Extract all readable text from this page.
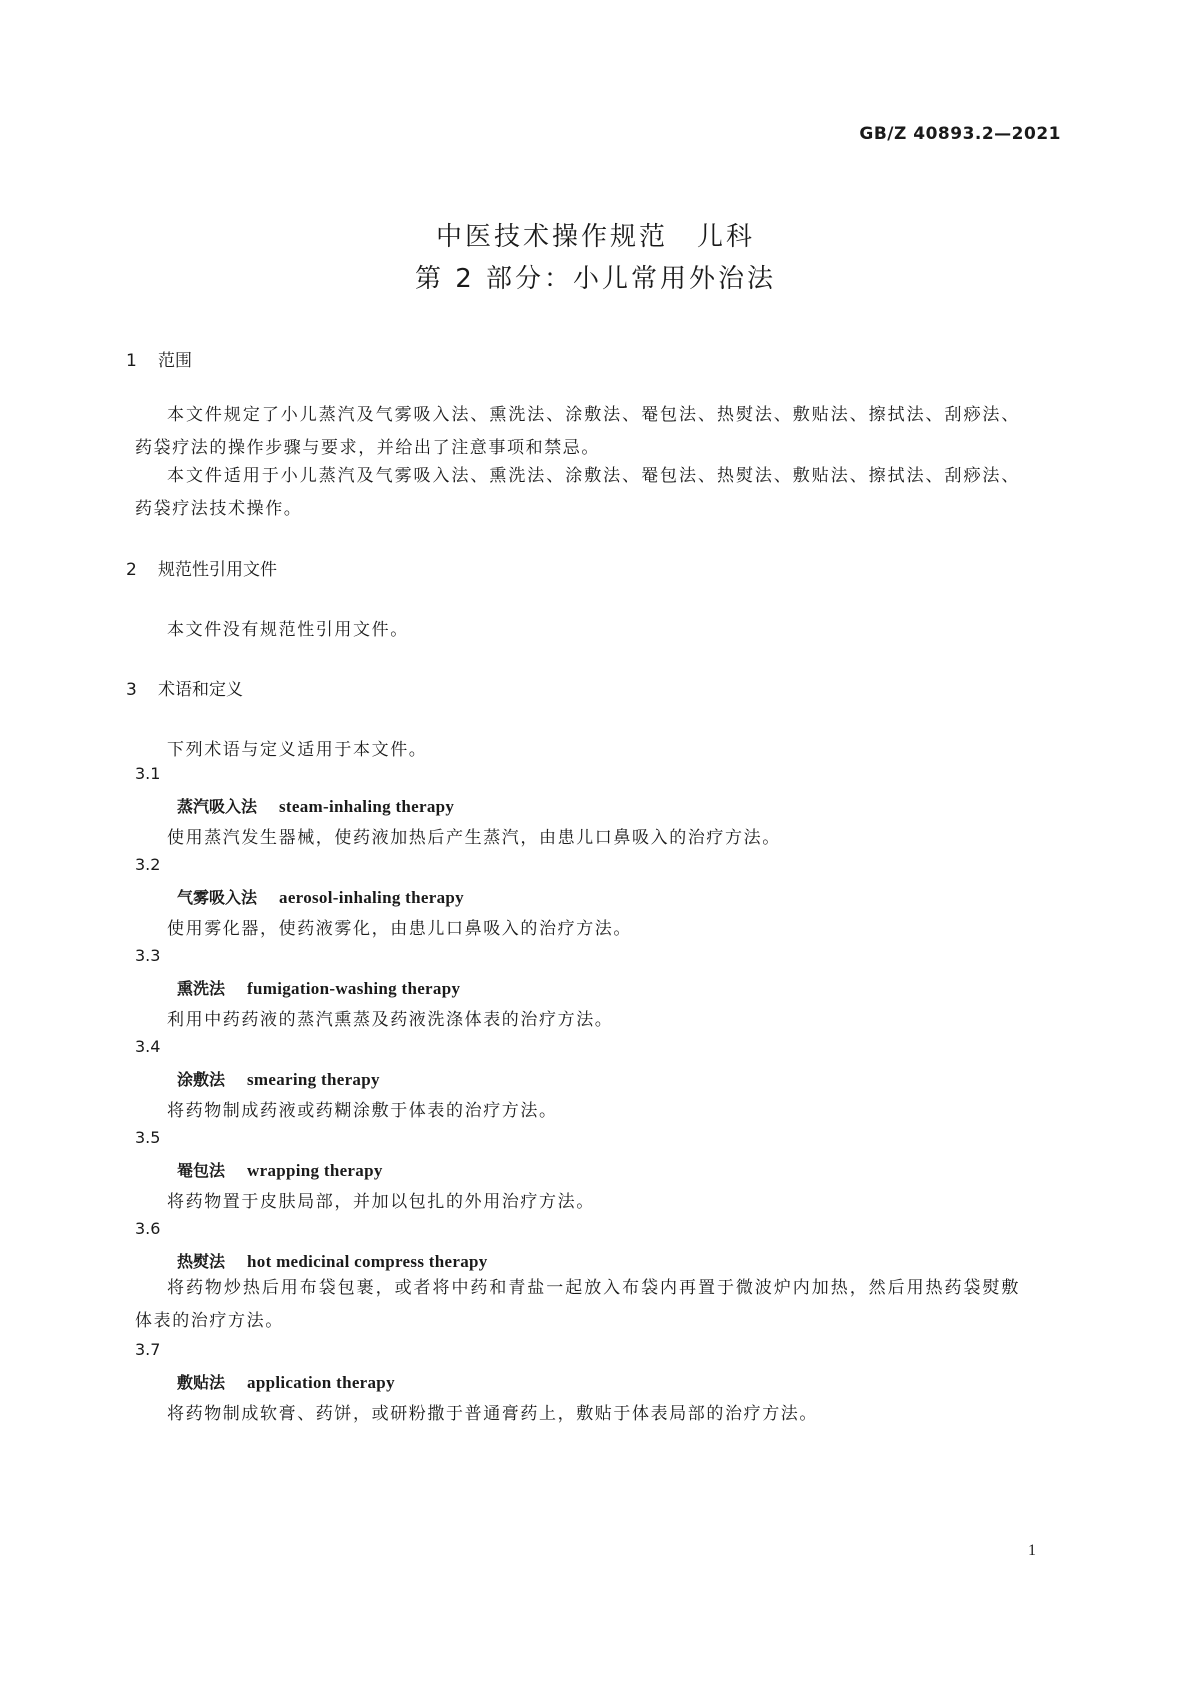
GB/Z 40893.2—2021
中医技术操作规范　儿科
第 2 部分：小儿常用外治法
1 范围
本文件规定了小儿蒸汽及气雾吸入法、熏洗法、涂敷法、罨包法、热熨法、敷贴法、擦拭法、刮痧法、药袋疗法的操作步骤与要求，并给出了注意事项和禁忌。
本文件适用于小儿蒸汽及气雾吸入法、熏洗法、涂敷法、罨包法、热熨法、敷贴法、擦拭法、刮痧法、药袋疗法技术操作。
2 规范性引用文件
本文件没有规范性引用文件。
3 术语和定义
下列术语与定义适用于本文件。
3.1
蒸汽吸入法 steam-inhaling therapy
使用蒸汽发生器械，使药液加热后产生蒸汽，由患儿口鼻吸入的治疗方法。
3.2
气雾吸入法 aerosol-inhaling therapy
使用雾化器，使药液雾化，由患儿口鼻吸入的治疗方法。
3.3
熏洗法 fumigation-washing therapy
利用中药药液的蒸汽熏蒸及药液洗涤体表的治疗方法。
3.4
涂敷法 smearing therapy
将药物制成药液或药糊涂敷于体表的治疗方法。
3.5
罨包法 wrapping therapy
将药物置于皮肤局部，并加以包扎的外用治疗方法。
3.6
热熨法 hot medicinal compress therapy
将药物炒热后用布袋包裹，或者将中药和青盐一起放入布袋内再置于微波炉内加热，然后用热药袋熨敷体表的治疗方法。
3.7
敷贴法 application therapy
将药物制成软膏、药饼，或研粉撒于普通膏药上，敷贴于体表局部的治疗方法。
1
